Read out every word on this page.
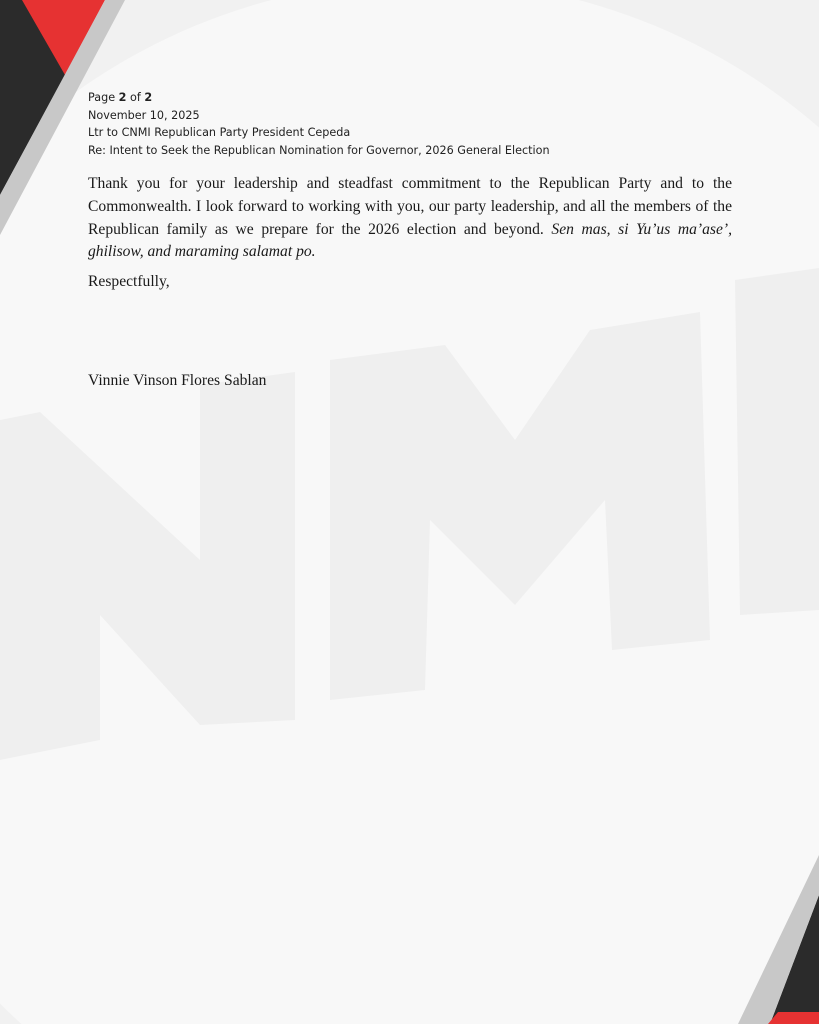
Page 2 of 2
November 10, 2025
Ltr to CNMI Republican Party President Cepeda
Re: Intent to Seek the Republican Nomination for Governor, 2026 General Election

Thank you for your leadership and steadfast commitment to the Republican Party and to the Commonwealth. I look forward to working with you, our party leadership, and all the members of the Republican family as we prepare for the 2026 election and beyond. Sen mas, si Yu’us ma’ase’, ghilisow, and maraming salamat po.

Respectfully,
Vinnie Vinson Flores Sablan
